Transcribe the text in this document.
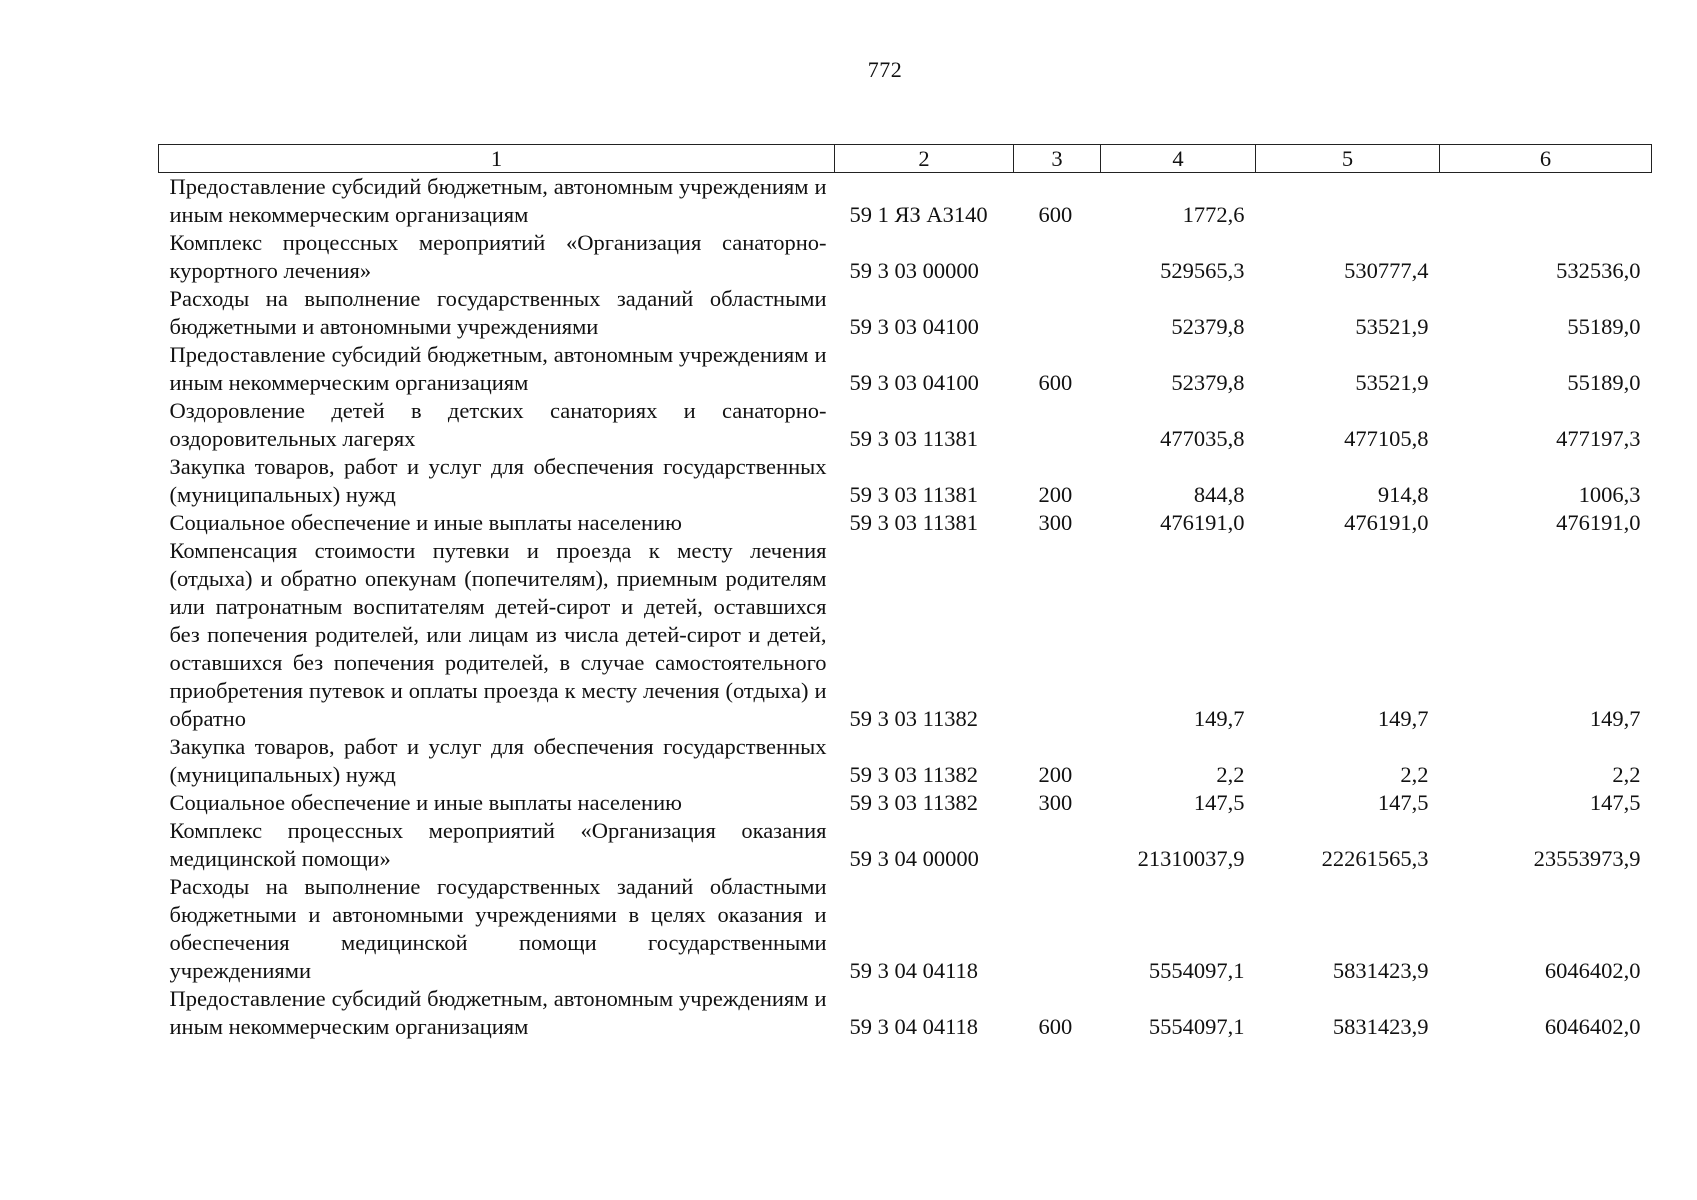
772
1	2	3	4	5	6
Предоставление субсидий бюджетным, автономным учреждениям и иным некоммерческим организациям	59 1 ЯЗ А3140	600	1772,6		
Комплекс процессных мероприятий «Организация санаторно-курортного лечения»	59 3 03 00000		529565,3	530777,4	532536,0
Расходы на выполнение государственных заданий областными бюджетными и автономными учреждениями	59 3 03 04100		52379,8	53521,9	55189,0
Предоставление субсидий бюджетным, автономным учреждениям и иным некоммерческим организациям	59 3 03 04100	600	52379,8	53521,9	55189,0
Оздоровление детей в детских санаториях и санаторно-оздоровительных лагерях	59 3 03 11381		477035,8	477105,8	477197,3
Закупка товаров, работ и услуг для обеспечения государственных (муниципальных) нужд	59 3 03 11381	200	844,8	914,8	1006,3
Социальное обеспечение и иные выплаты населению	59 3 03 11381	300	476191,0	476191,0	476191,0
Компенсация стоимости путевки и проезда к месту лечения (отдыха) и обратно опекунам (попечителям), приемным родителям или патронатным воспитателям детей-сирот и детей, оставшихся без попечения родителей, или лицам из числа детей-сирот и детей, оставшихся без попечения родителей, в случае самостоятельного приобретения путевок и оплаты проезда к месту лечения (отдыха) и обратно	59 3 03 11382		149,7	149,7	149,7
Закупка товаров, работ и услуг для обеспечения государственных (муниципальных) нужд	59 3 03 11382	200	2,2	2,2	2,2
Социальное обеспечение и иные выплаты населению	59 3 03 11382	300	147,5	147,5	147,5
Комплекс процессных мероприятий «Организация оказания медицинской помощи»	59 3 04 00000		21310037,9	22261565,3	23553973,9
Расходы на выполнение государственных заданий областными бюджетными и автономными учреждениями в целях оказания и обеспечения медицинской помощи государственными учреждениями	59 3 04 04118		5554097,1	5831423,9	6046402,0
Предоставление субсидий бюджетным, автономным учреждениям и иным некоммерческим организациям	59 3 04 04118	600	5554097,1	5831423,9	6046402,0
